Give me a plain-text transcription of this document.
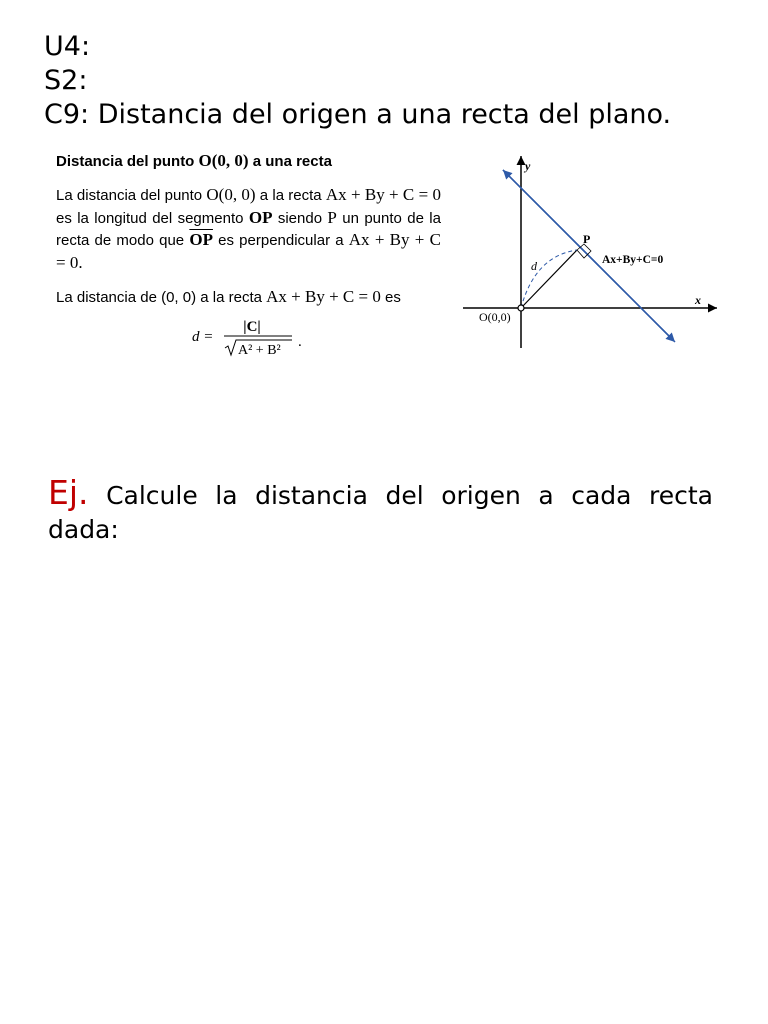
U4:
S2:
C9: Distancia del origen a una recta del plano.
Distancia del punto O(0, 0) a una recta
La distancia del punto O(0, 0) a la recta Ax + By + C = 0 es la longitud del segmento OP siendo P un punto de la recta de modo que $\overline{OP}$ es perpendicular a Ax + By + C = 0.
La distancia de (0, 0) a la recta Ax + By + C = 0 es
d =
|C|
A² + B²
.
y
x
O(0,0)
P
d	Ax+By+C=0
Ej. Calcule la distancia del origen a cada recta dada:
